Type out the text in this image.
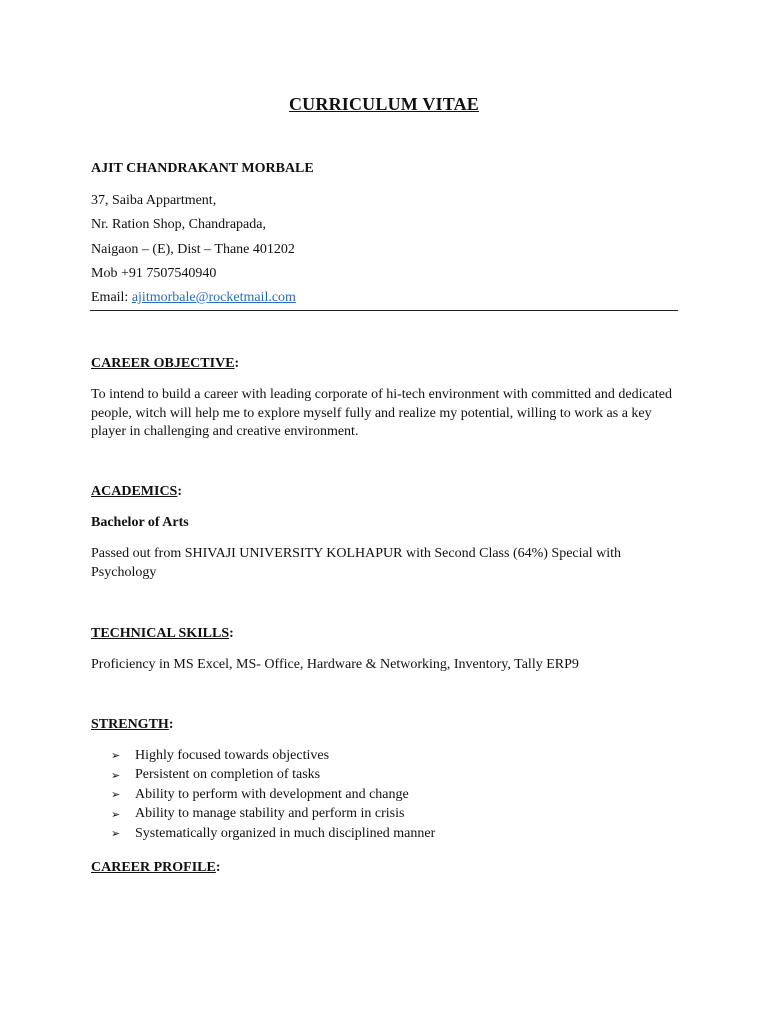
CURRICULUM VITAE
AJIT CHANDRAKANT MORBALE
37, Saiba Appartment,
Nr. Ration Shop, Chandrapada,
Naigaon – (E), Dist – Thane 401202
Mob +91 7507540940
Email: ajitmorbale@rocketmail.com
CAREER OBJECTIVE:
To intend to build a career with leading corporate of hi-tech environment with committed and dedicated people, witch will help me to explore myself fully and realize my potential, willing to work as a key player in challenging and creative environment.
ACADEMICS:
Bachelor of Arts
Passed out from SHIVAJI UNIVERSITY KOLHAPUR with Second Class (64%) Special with Psychology
TECHNICAL SKILLS:
Proficiency in MS Excel, MS- Office, Hardware & Networking, Inventory, Tally ERP9
STRENGTH:
➢	Highly focused towards objectives
➢	Persistent on completion of tasks
➢	Ability to perform with development and change
➢	Ability to manage stability and perform in crisis
➢	Systematically organized in much disciplined manner
CAREER PROFILE:
